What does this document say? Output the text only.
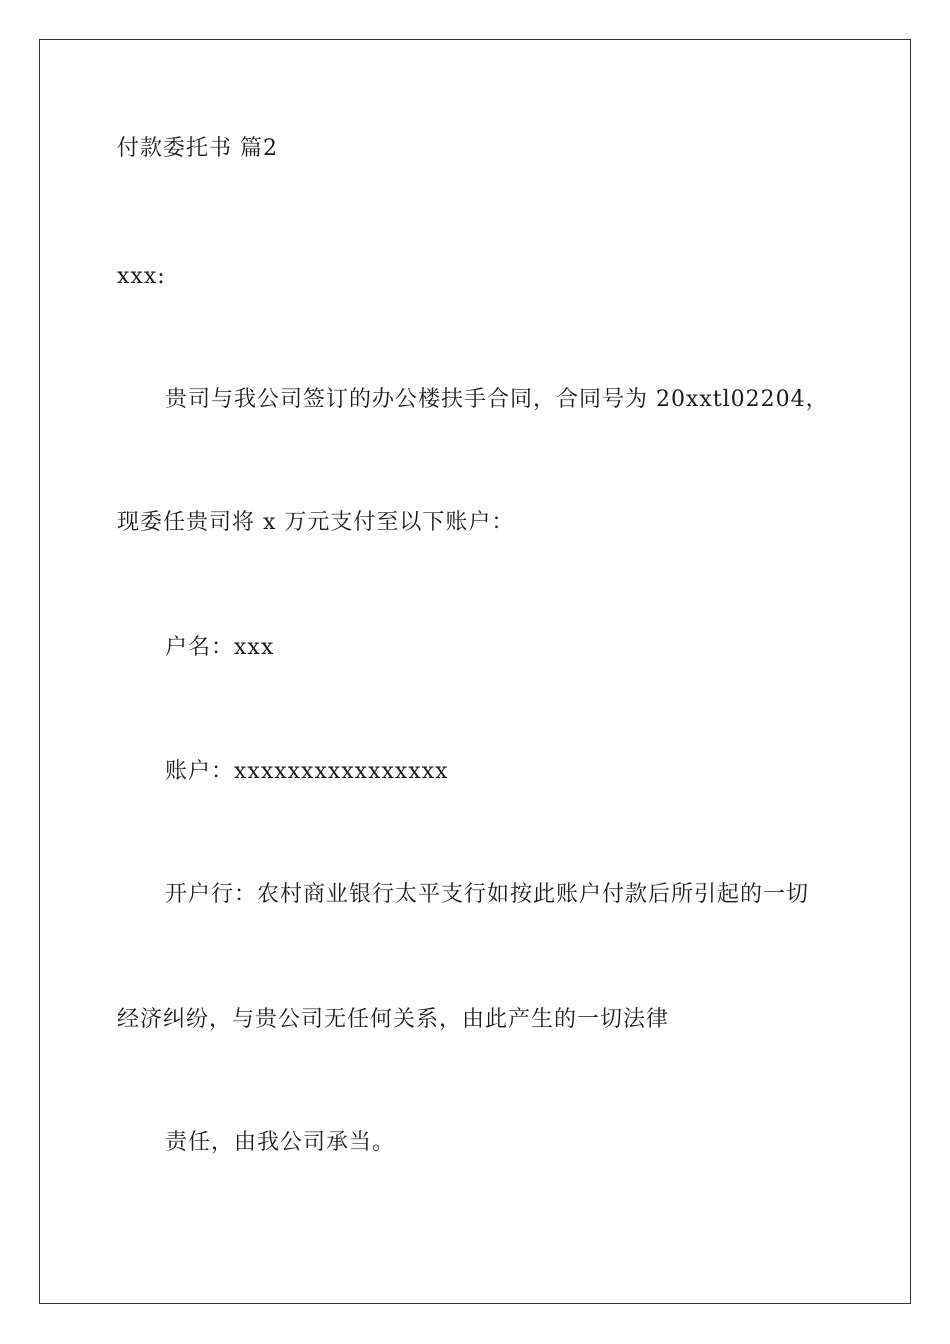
付款委托书 篇2
xxx:
贵司与我公司签订的办公楼扶手合同，合同号为 20xxtl02204，
现委任贵司将 x 万元支付至以下账户：
户名：xxx
账户：xxxxxxxxxxxxxxxx
开户行：农村商业银行太平支行如按此账户付款后所引起的一切
经济纠纷，与贵公司无任何关系，由此产生的一切法律
责任，由我公司承当。
